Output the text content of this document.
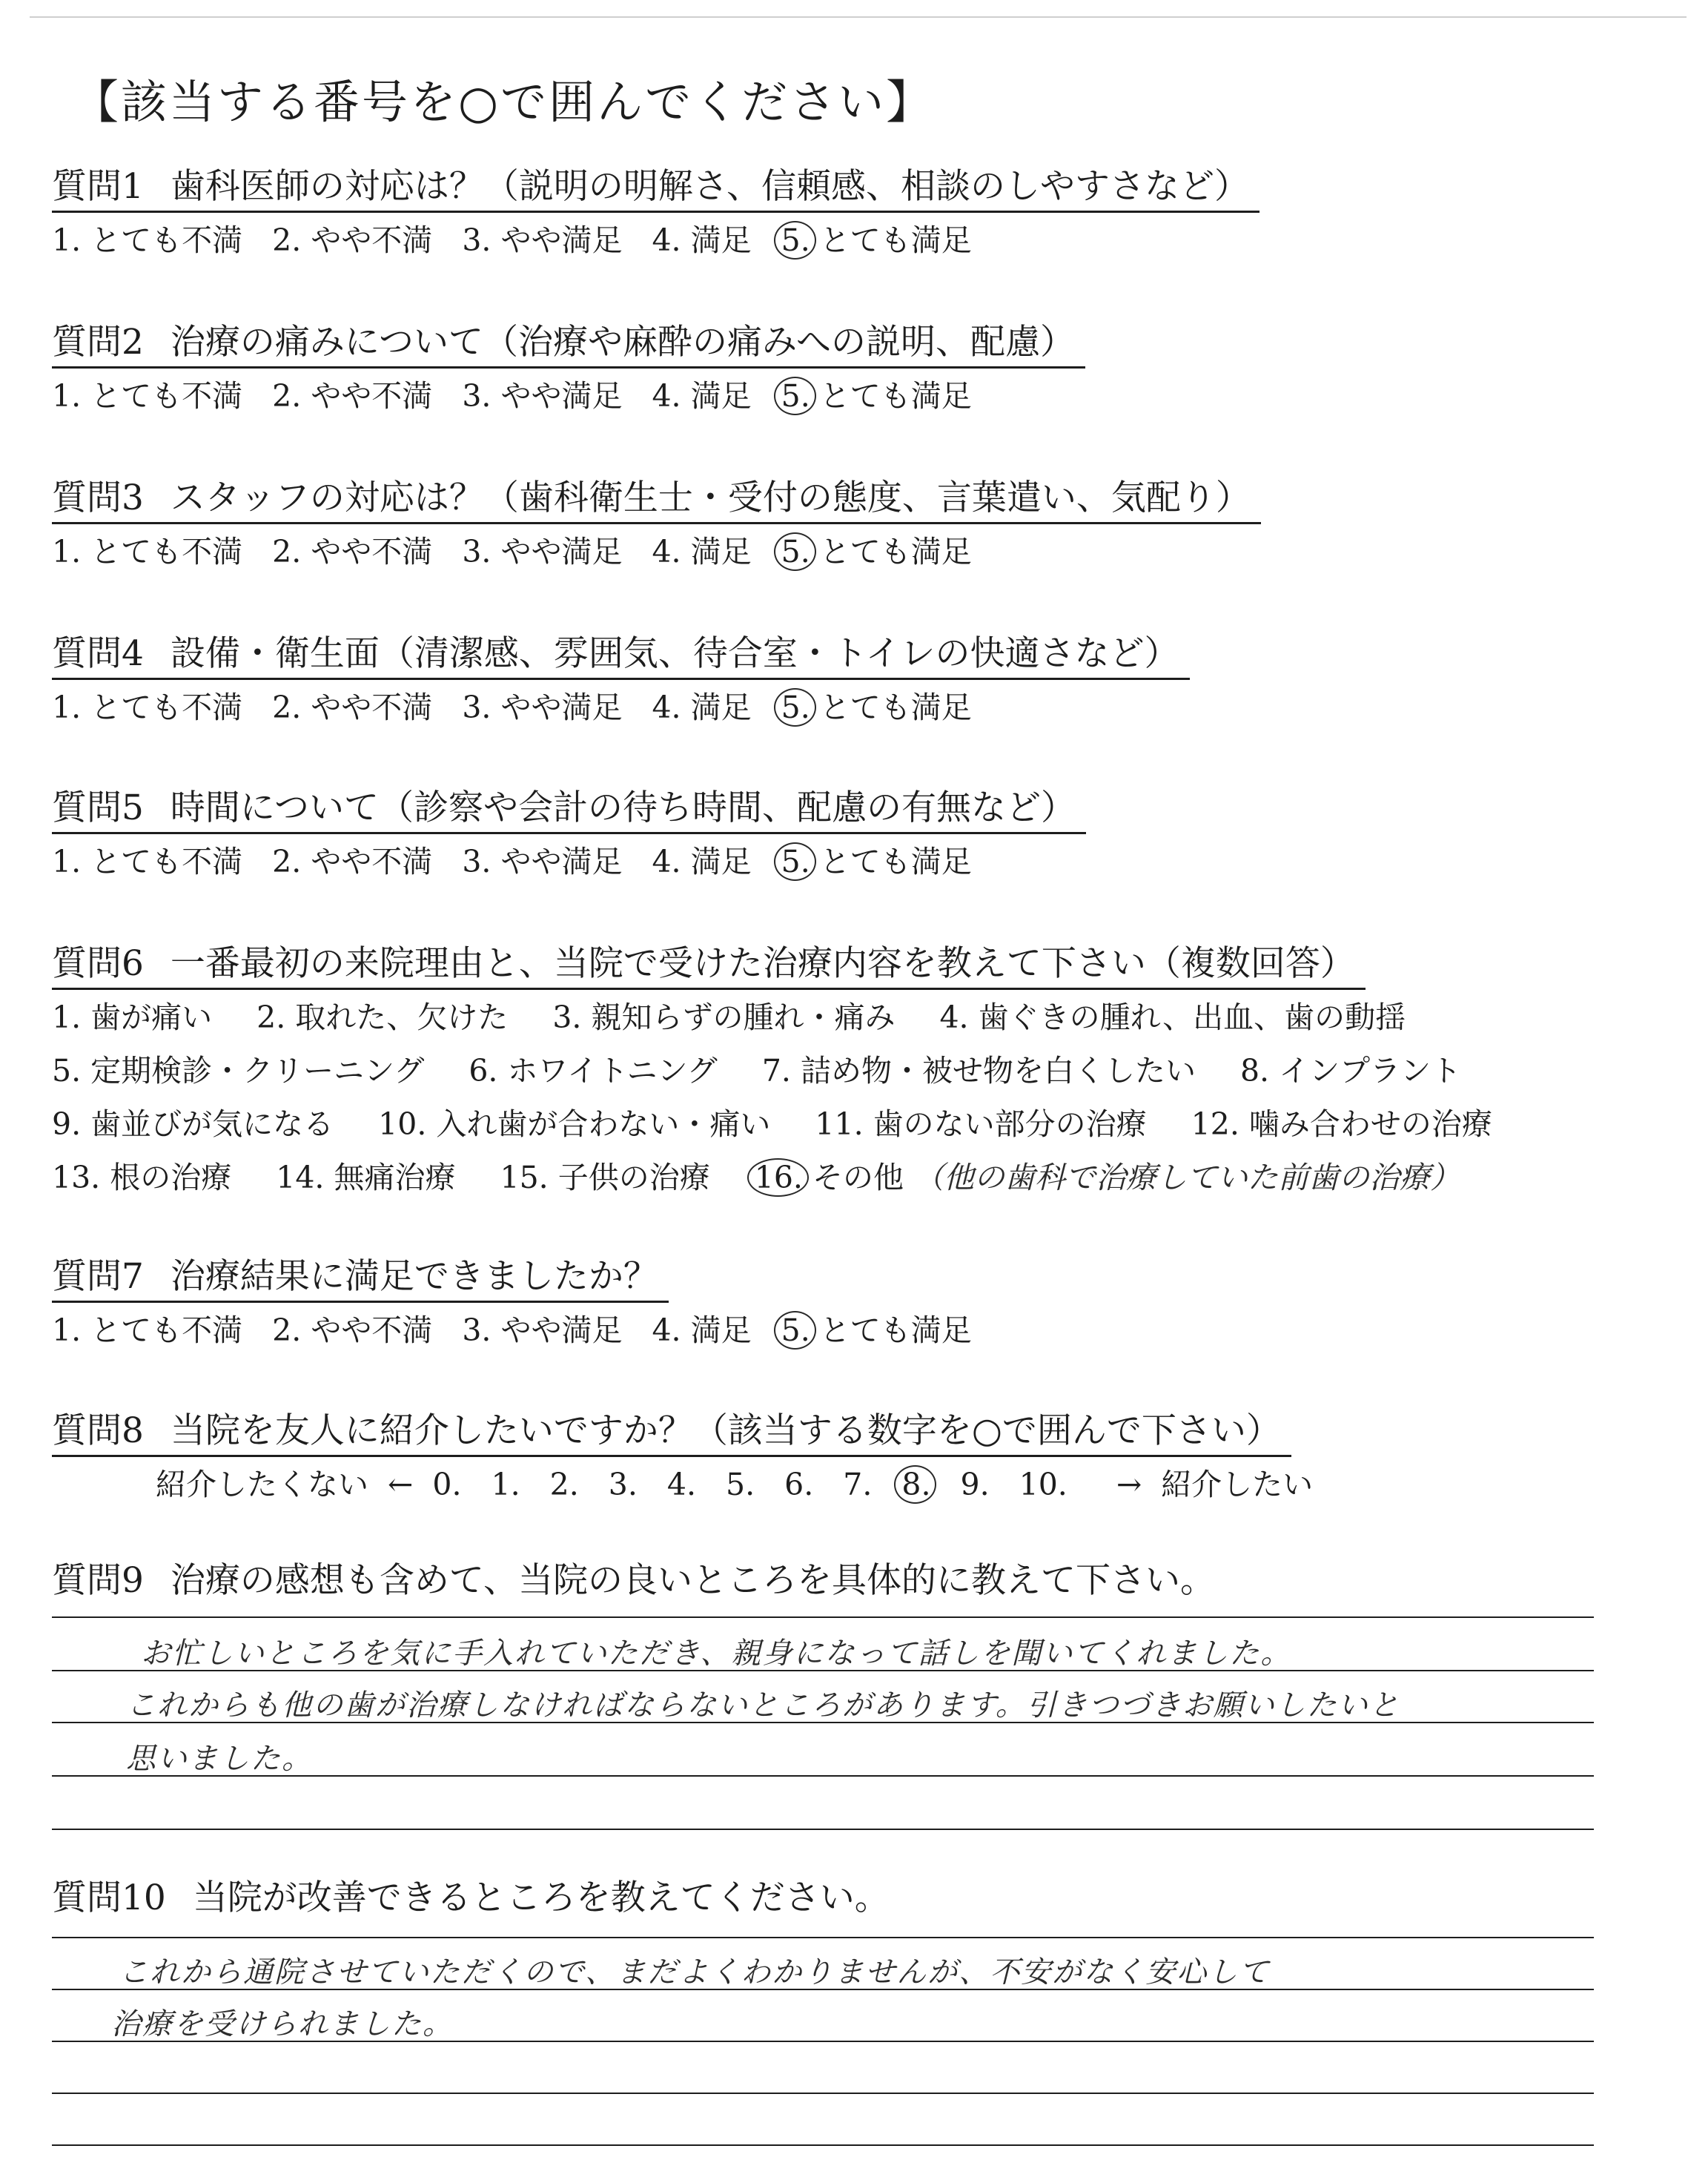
【該当する番号を○で囲んでください】
質問1 歯科医師の対応は？（説明の明解さ、信頼感、相談のしやすさなど）
1. とても不満 2. やや不満 3. やや満足 4. 満足 5. とても満足
質問2 治療の痛みについて（治療や麻酔の痛みへの説明、配慮）
1. とても不満 2. やや不満 3. やや満足 4. 満足 5. とても満足
質問3 スタッフの対応は？（歯科衛生士・受付の態度、言葉遣い、気配り）
1. とても不満 2. やや不満 3. やや満足 4. 満足 5. とても満足
質問4 設備・衛生面（清潔感、雰囲気、待合室・トイレの快適さなど）
1. とても不満 2. やや不満 3. やや満足 4. 満足 5. とても満足
質問5 時間について（診察や会計の待ち時間、配慮の有無など）
1. とても不満 2. やや不満 3. やや満足 4. 満足 5. とても満足
質問6 一番最初の来院理由と、当院で受けた治療内容を教えて下さい（複数回答）
1. 歯が痛い 2. 取れた、欠けた 3. 親知らずの腫れ・痛み 4. 歯ぐきの腫れ、出血、歯の動揺
5. 定期検診・クリーニング 6. ホワイトニング 7. 詰め物・被せ物を白くしたい 8. インプラント
9. 歯並びが気になる 10. 入れ歯が合わない・痛い 11. 歯のない部分の治療 12. 噛み合わせの治療
13. 根の治療 14. 無痛治療 15. 子供の治療 16. その他 （他の歯科で治療していた前歯の治療）
質問7 治療結果に満足できましたか？
1. とても不満 2. やや不満 3. やや満足 4. 満足 5. とても満足
質問8 当院を友人に紹介したいですか？（該当する数字を○で囲んで下さい）
紹介したくない ← 0. 1. 2. 3. 4. 5. 6. 7. 8. 9. 10. → 紹介したい
質問9 治療の感想も含めて、当院の良いところを具体的に教えて下さい。
お忙しいところを気に手入れていただき、親身になって話しを聞いてくれました。
これからも他の歯が治療しなければならないところがあります。引きつづきお願いしたいと
思いました。
質問10 当院が改善できるところを教えてください。
これから通院させていただくので、まだよくわかりませんが、不安がなく安心して
治療を受けられました。
